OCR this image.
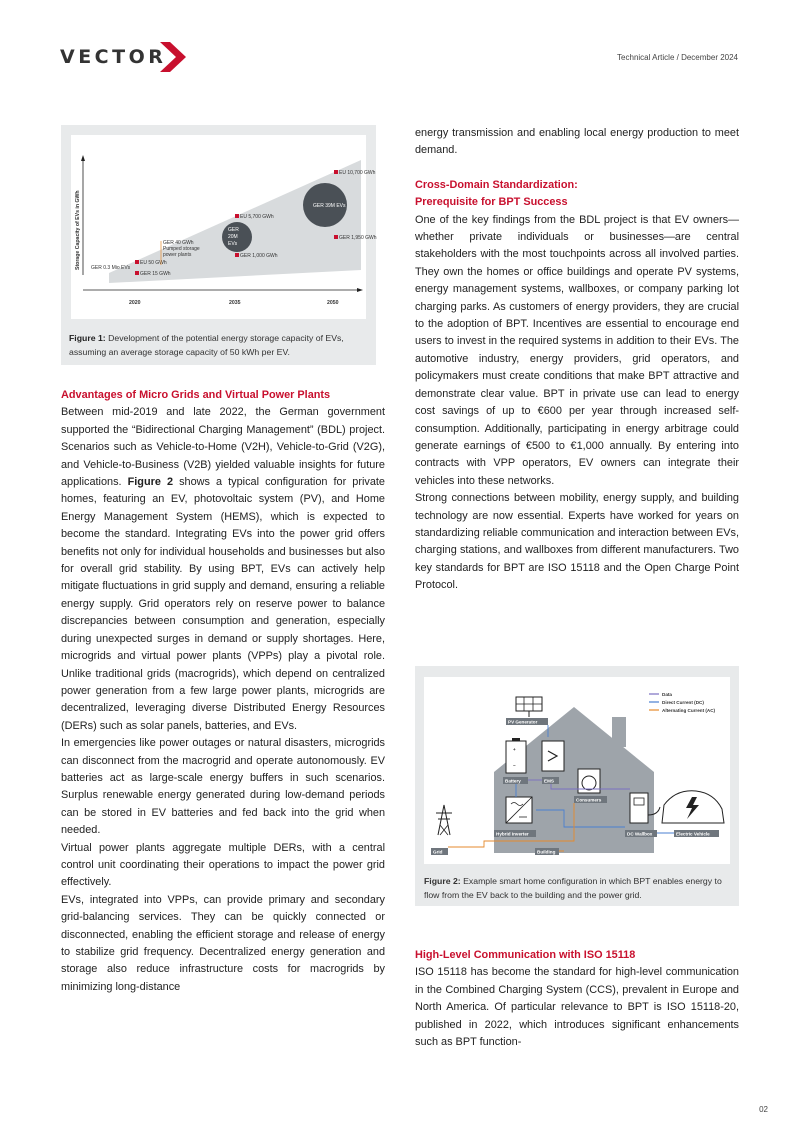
VECTOR	Technical Article / December 2024
Storage Capacity of EVs in GWh	GER 39M EVs
GER
20M
EVs
EU 10,700 GWh
EU 5,700 GWh
GER 1,950 GWh
GER 1,000 GWh
EU 50 GWh
GER 15 GWh
GER 0.3 Mio EVs
GER 40 GWh
Pumped storage
power plants
2020	2035	2050
Figure 1: Development of the potential energy storage capacity of EVs, assuming an average storage capacity of 50 kWh per EV.
Advantages of Micro Grids and Virtual Power Plants

Between mid-2019 and late 2022, the German government supported the “Bidirectional Charging Management” (BDL) project. Scenarios such as Vehicle-to-Home (V2H), Vehicle-to-Grid (V2G), and Vehicle-to-Business (V2B) yielded valuable insights for future applications. Figure 2 shows a typical configuration for private homes, featuring an EV, photovoltaic system (PV), and Home Energy Management System (HEMS), which is expected to become the standard. Integrating EVs into the power grid offers benefits not only for individual households and businesses but also for overall grid stability. By using BPT, EVs can actively help mitigate fluctuations in grid supply and demand, ensuring a reliable energy supply. Grid operators rely on reserve power to balance discrepancies between consumption and generation, especially during unexpected surges in demand or supply shortages. Here, microgrids and virtual power plants (VPPs) play a pivotal role. Unlike traditional grids (macrogrids), which depend on centralized power generation from a few large power plants, microgrids are decentralized, leveraging diverse Distributed Energy Resources (DERs) such as solar panels, batteries, and EVs.

In emergencies like power outages or natural disasters, microgrids can disconnect from the macrogrid and operate autonomously. EV batteries act as large-scale energy buffers in such scenarios. Surplus renewable energy generated during low-demand periods can be stored in EV batteries and fed back into the grid when needed.

Virtual power plants aggregate multiple DERs, with a central control unit coordinating their operations to impact the power grid effectively.

EVs, integrated into VPPs, can provide primary and secondary grid-balancing services. They can be quickly connected or disconnected, enabling the efficient storage and release of energy to stabilize grid frequency. Decentralized energy generation and storage also reduce infrastructure costs for macrogrids by minimizing long-distance

energy transmission and enabling local energy production to meet demand.

Cross-Domain Standardization:
Prerequisite for BPT Success

One of the key findings from the BDL project is that EV owners—whether private individuals or businesses—are central stakeholders with the most touchpoints across all involved parties. They own the homes or office buildings and operate PV systems, energy management systems, wallboxes, or company parking lot charging parks. As customers of energy providers, they are crucial to the adoption of BPT. Incentives are essential to encourage end users to invest in the required systems in addition to their EVs. The automotive industry, energy providers, grid operators, and policymakers must create conditions that make BPT attractive and demonstrate clear value. BPT in private use can lead to energy cost savings of up to €600 per year through increased self-consumption. Additionally, participating in energy arbitrage could generate earnings of €500 to €1,000 annually. By entering into contracts with VPP operators, EV owners can integrate their vehicles into these networks.

Strong connections between mobility, energy supply, and building technology are now essential. Experts have worked for years on standardizing reliable communication and interaction between EVs, charging stations, and wallboxes from different manufacturers. Two key standards for BPT are ISO 15118 and the Open Charge Point Protocol.

Data
Direct Current (DC)
Alternating Current (AC)
PV Generator
+
−
Battery	EMS
Consumers
Hybrid Inverter
Grid	Building
DC Wallbox	Electric Vehicle
Figure 2: Example smart home configuration in which BPT enables energy to flow from the EV back to the building and the power grid.
High-Level Communication with ISO 15118

ISO 15118 has become the standard for high-level communication in the Combined Charging System (CCS), prevalent in Europe and North America. Of particular relevance to BPT is ISO 15118-20, published in 2022, which introduces significant enhancements such as BPT function-

02
